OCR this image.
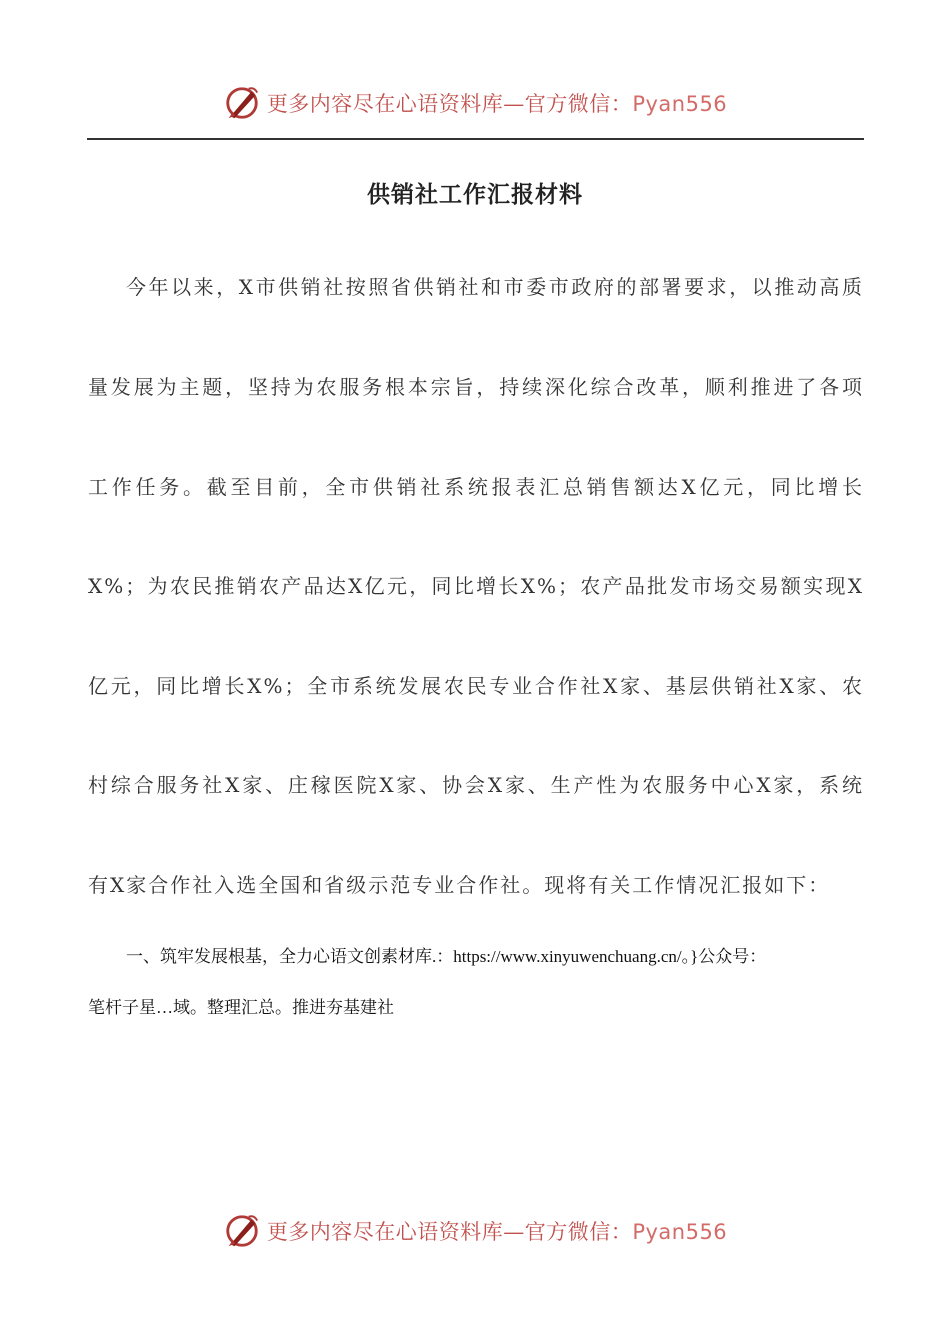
更多内容尽在心语资料库—官方微信：Pyan556
供销社工作汇报材料
今年以来，X市供销社按照省供销社和市委市政府的部署要求，以推动高质
量发展为主题，坚持为农服务根本宗旨，持续深化综合改革，顺利推进了各项
工作任务。截至目前，全市供销社系统报表汇总销售额达X亿元，同比增长
X%；为农民推销农产品达X亿元，同比增长X%；农产品批发市场交易额实现X
亿元，同比增长X%；全市系统发展农民专业合作社X家、基层供销社X家、农
村综合服务社X家、庄稼医院X家、协会X家、生产性为农服务中心X家，系统
有X家合作社入选全国和省级示范专业合作社。现将有关工作情况汇报如下：
一、筑牢发展根基，全力心语文创素材库.：https://www.xinyuwenchuang.cn/。}公众号：
笔杆子星…域。整理汇总。推进夯基建社
更多内容尽在心语资料库—官方微信：Pyan556
